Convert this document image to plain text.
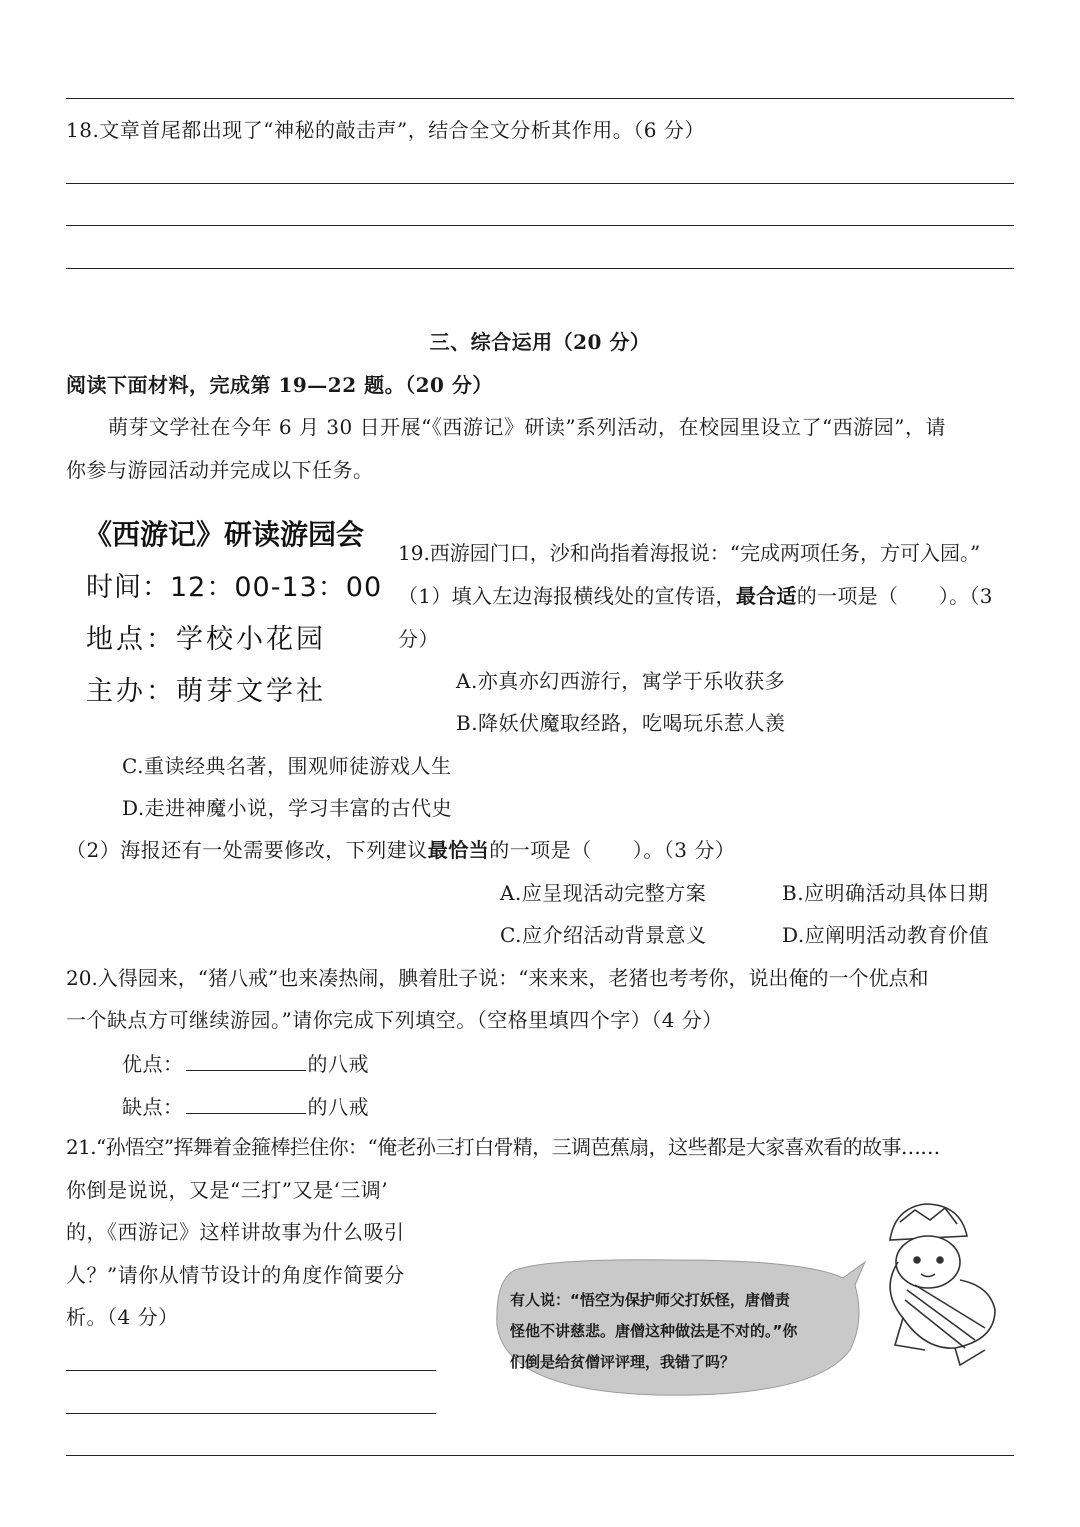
18.文章首尾都出现了“神秘的敲击声”，结合全文分析其作用。（6 分）
三、综合运用（20 分）
阅读下面材料，完成第 19—22 题。（20 分）
萌芽文学社在今年 6 月 30 日开展“《西游记》研读”系列活动，在校园里设立了“西游园”，请
你参与游园活动并完成以下任务。
《西游记》研读游园会
时间：12：00-13：00
地点：学校小花园
主办：萌芽文学社
19.西游园门口，沙和尚指着海报说：“完成两项任务，方可入园。”
（1）填入左边海报横线处的宣传语，最合适的一项是（　　）。（3
分）
A.亦真亦幻西游行，寓学于乐收获多
B.降妖伏魔取经路，吃喝玩乐惹人羡
C.重读经典名著，围观师徒游戏人生
D.走进神魔小说，学习丰富的古代史
（2）海报还有一处需要修改，下列建议最恰当的一项是（　　）。（3 分）
A.应呈现活动完整方案	B.应明确活动具体日期
C.应介绍活动背景意义	D.应阐明活动教育价值
20.入得园来，“猪八戒”也来凑热闹，腆着肚子说：“来来来，老猪也考考你，说出俺的一个优点和
一个缺点方可继续游园。”请你完成下列填空。（空格里填四个字）（4 分）
优点：	的八戒
缺点：	的八戒
21.“孙悟空”挥舞着金箍棒拦住你：“俺老孙三打白骨精，三调芭蕉扇，这些都是大家喜欢看的故事……
你倒是说说，又是“三打”又是‘三调’
的，《西游记》这样讲故事为什么吸引
人？”请你从情节设计的角度作简要分
析。（4 分）
有人说：“悟空为保护师父打妖怪，唐僧责
怪他不讲慈悲。唐僧这种做法是不对的。”你
们倒是给贫僧评评理，我错了吗？
